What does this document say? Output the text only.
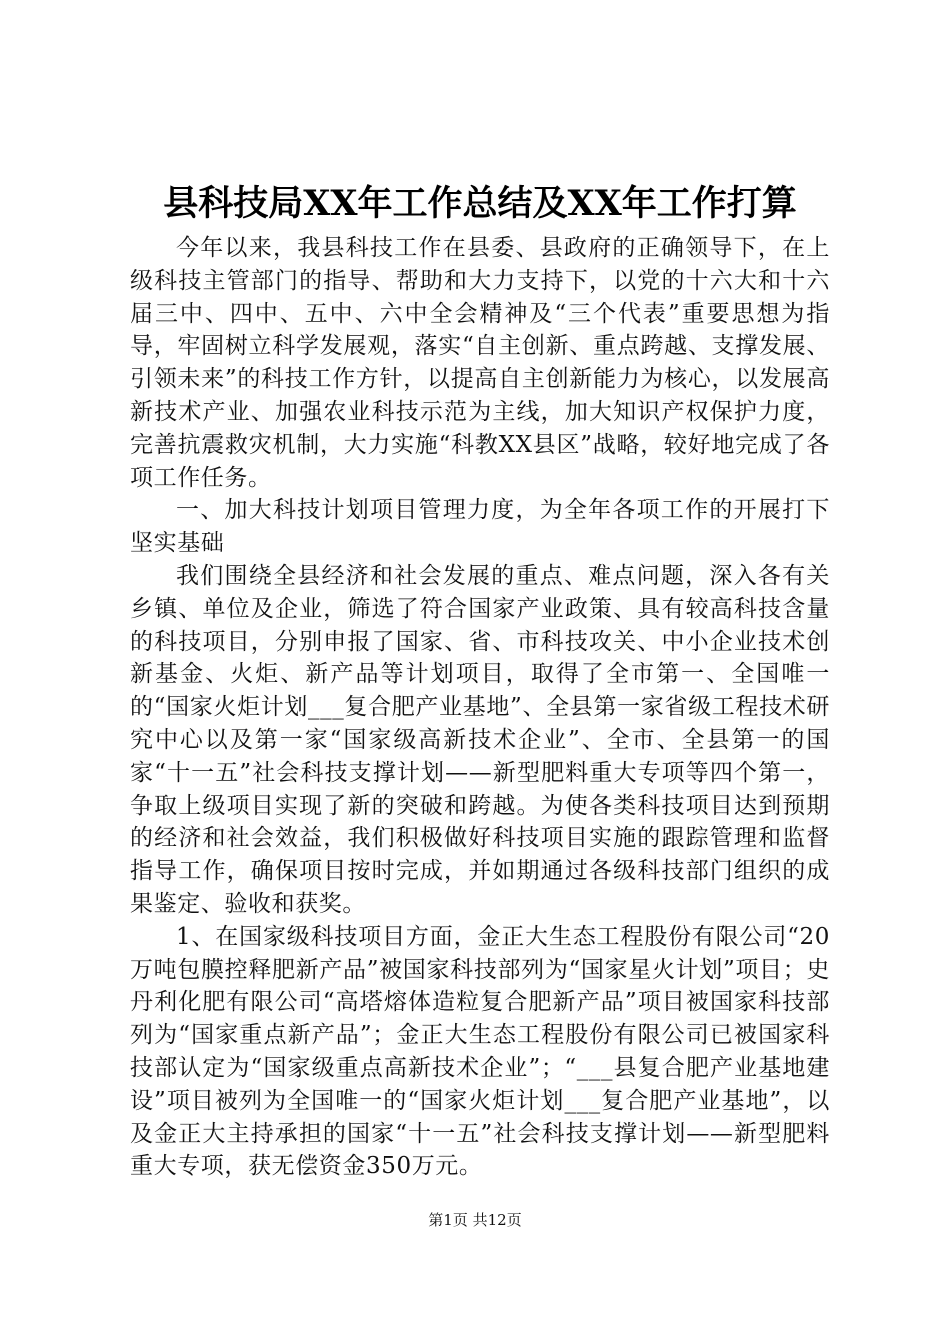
县科技局XX年工作总结及XX年工作打算

今年以来，我县科技工作在县委、县政府的正确领导下，在上级科技主管部门的指导、帮助和大力支持下，以党的十六大和十六届三中、四中、五中、六中全会精神及“三个代表”重要思想为指导，牢固树立科学发展观，落实“自主创新、重点跨越、支撑发展、引领未来”的科技工作方针，以提高自主创新能力为核心，以发展高新技术产业、加强农业科技示范为主线，加大知识产权保护力度，完善抗震救灾机制，大力实施“科教XX县区”战略，较好地完成了各项工作任务。

一、加大科技计划项目管理力度，为全年各项工作的开展打下坚实基础

我们围绕全县经济和社会发展的重点、难点问题，深入各有关乡镇、单位及企业，筛选了符合国家产业政策、具有较高科技含量的科技项目，分别申报了国家、省、市科技攻关、中小企业技术创新基金、火炬、新产品等计划项目，取得了全市第一、全国唯一的“国家火炬计划___复合肥产业基地”、全县第一家省级工程技术研究中心以及第一家“国家级高新技术企业”、全市、全县第一的国家“十一五”社会科技支撑计划——新型肥料重大专项等四个第一，争取上级项目实现了新的突破和跨越。为使各类科技项目达到预期的经济和社会效益，我们积极做好科技项目实施的跟踪管理和监督指导工作，确保项目按时完成，并如期通过各级科技部门组织的成果鉴定、验收和获奖。

1、在国家级科技项目方面，金正大生态工程股份有限公司“20万吨包膜控释肥新产品”被国家科技部列为“国家星火计划”项目；史丹利化肥有限公司“高塔熔体造粒复合肥新产品”项目被国家科技部列为“国家重点新产品”；金正大生态工程股份有限公司已被国家科技部认定为“国家级重点高新技术企业”；“___县复合肥产业基地建设”项目被列为全国唯一的“国家火炬计划___复合肥产业基地”，以及金正大主持承担的国家“十一五”社会科技支撑计划——新型肥料重大专项，获无偿资金350万元。

第1页 共12页
